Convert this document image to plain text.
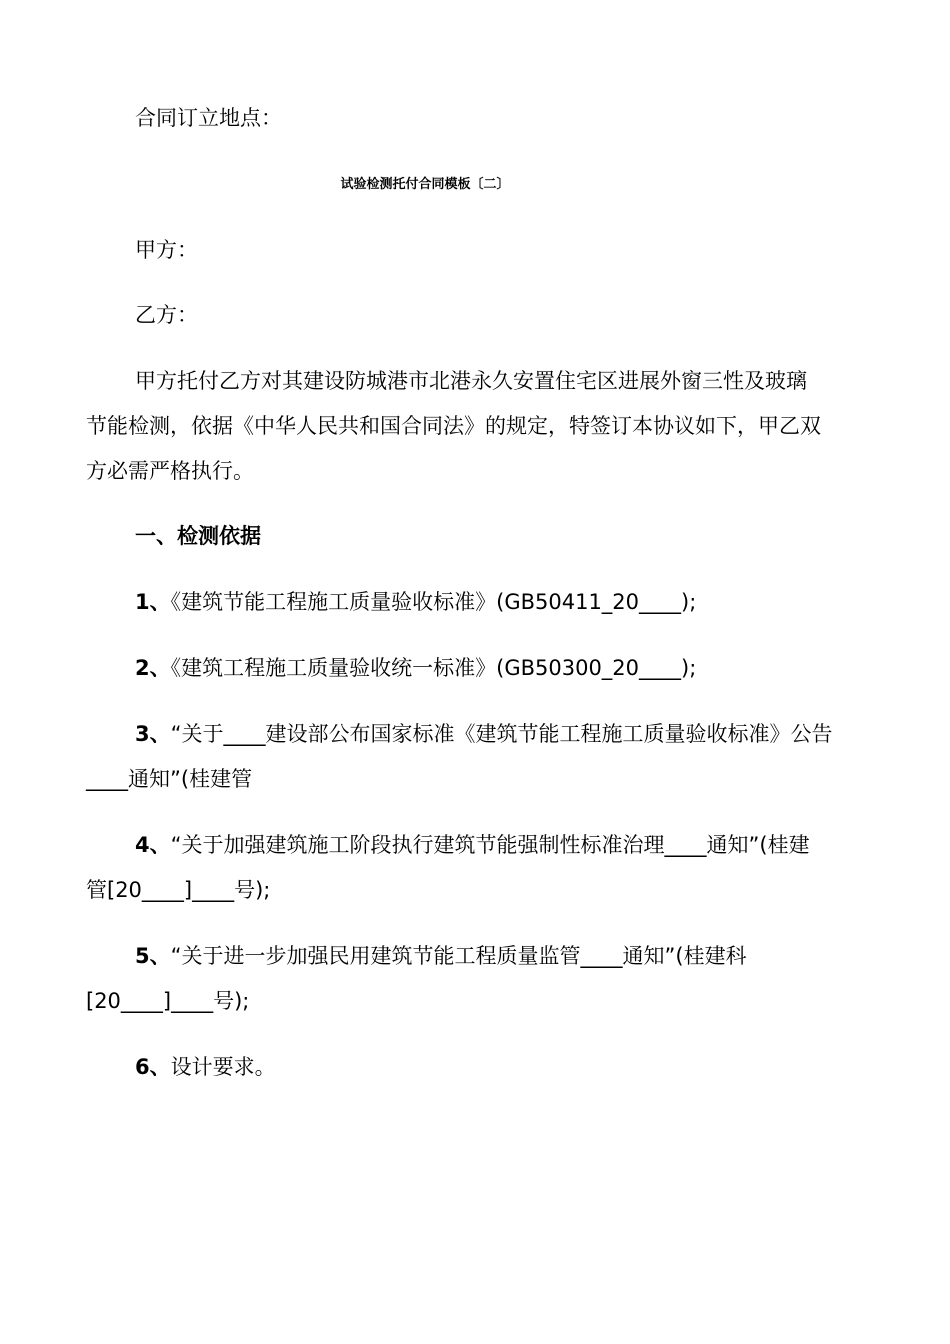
合同订立地点：
试验检测托付合同模板〔二〕
甲方：
乙方：
甲方托付乙方对其建设防城港市北港永久安置住宅区进展外窗三性及玻璃
节能检测，依据《中华人民共和国合同法》的规定，特签订本协议如下，甲乙双
方必需严格执行。
一、检测依据
1、《建筑节能工程施工质量验收标准》(GB50411_20____);
2、《建筑工程施工质量验收统一标准》(GB50300_20____);
3、“关于____建设部公布国家标准《建筑节能工程施工质量验收标准》公告
____通知”(桂建管
4、“关于加强建筑施工阶段执行建筑节能强制性标准治理____通知”(桂建
管[20____]____号);
5、“关于进一步加强民用建筑节能工程质量监管____通知”(桂建科
[20____]____号);
6、设计要求。
